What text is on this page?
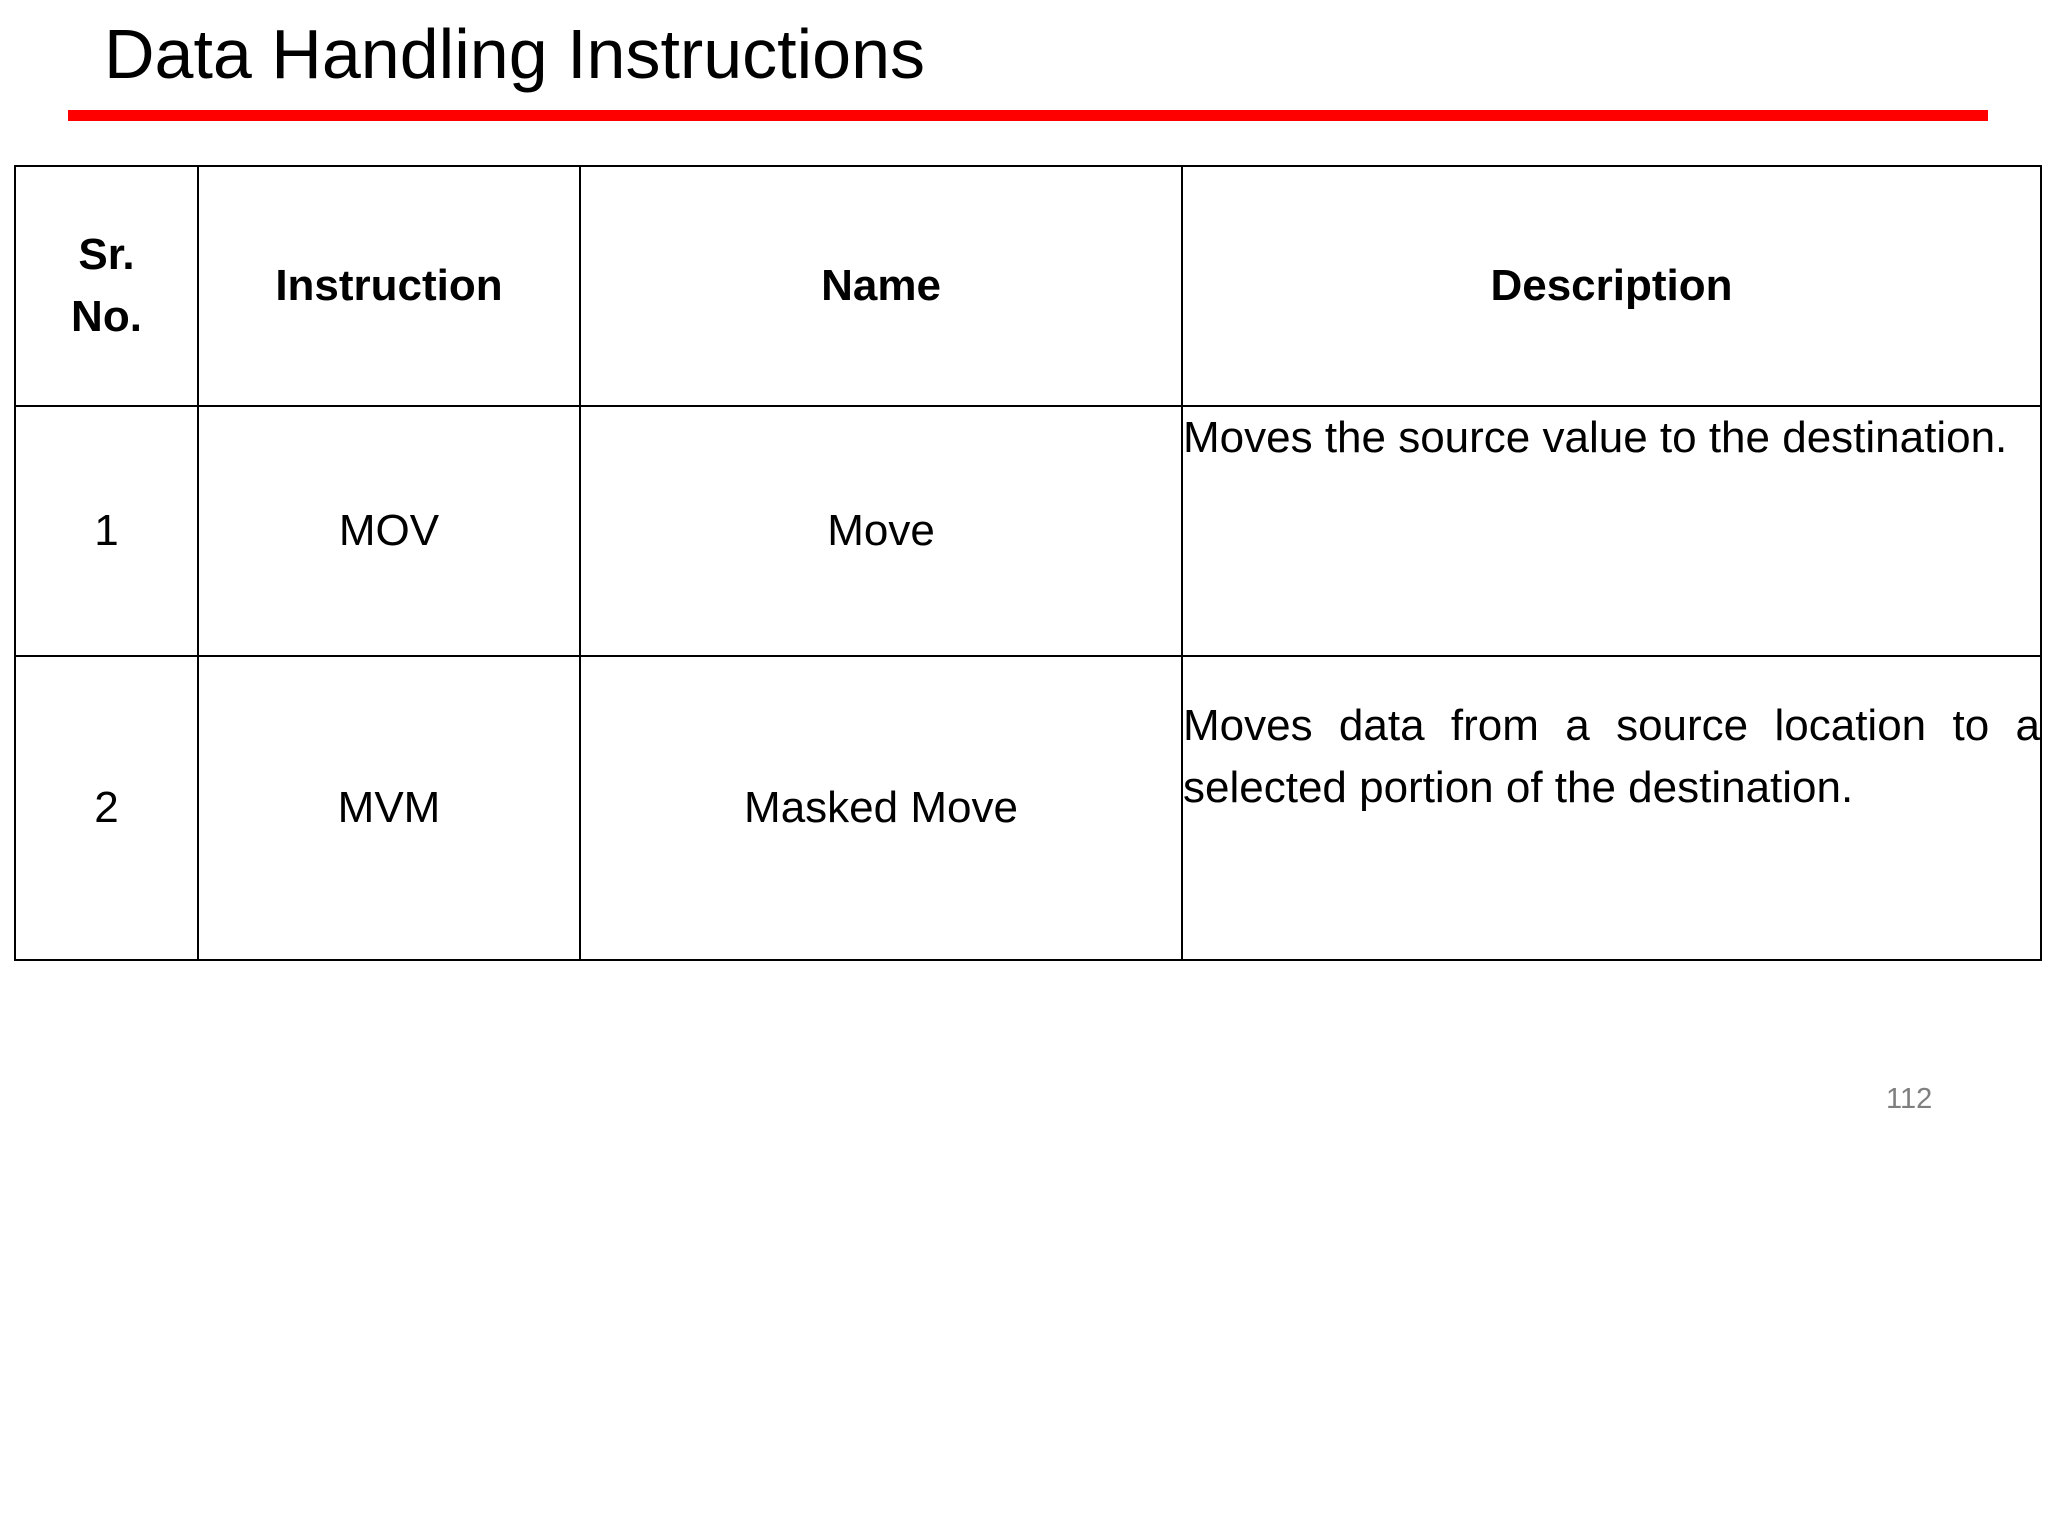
Data Handling Instructions
Sr.
No.	Instruction	Name	Description
1	MOV	Move	Moves the source value to the destination.
2	MVM	Masked Move	Moves data from a source location to a selected portion of the destination.
112
